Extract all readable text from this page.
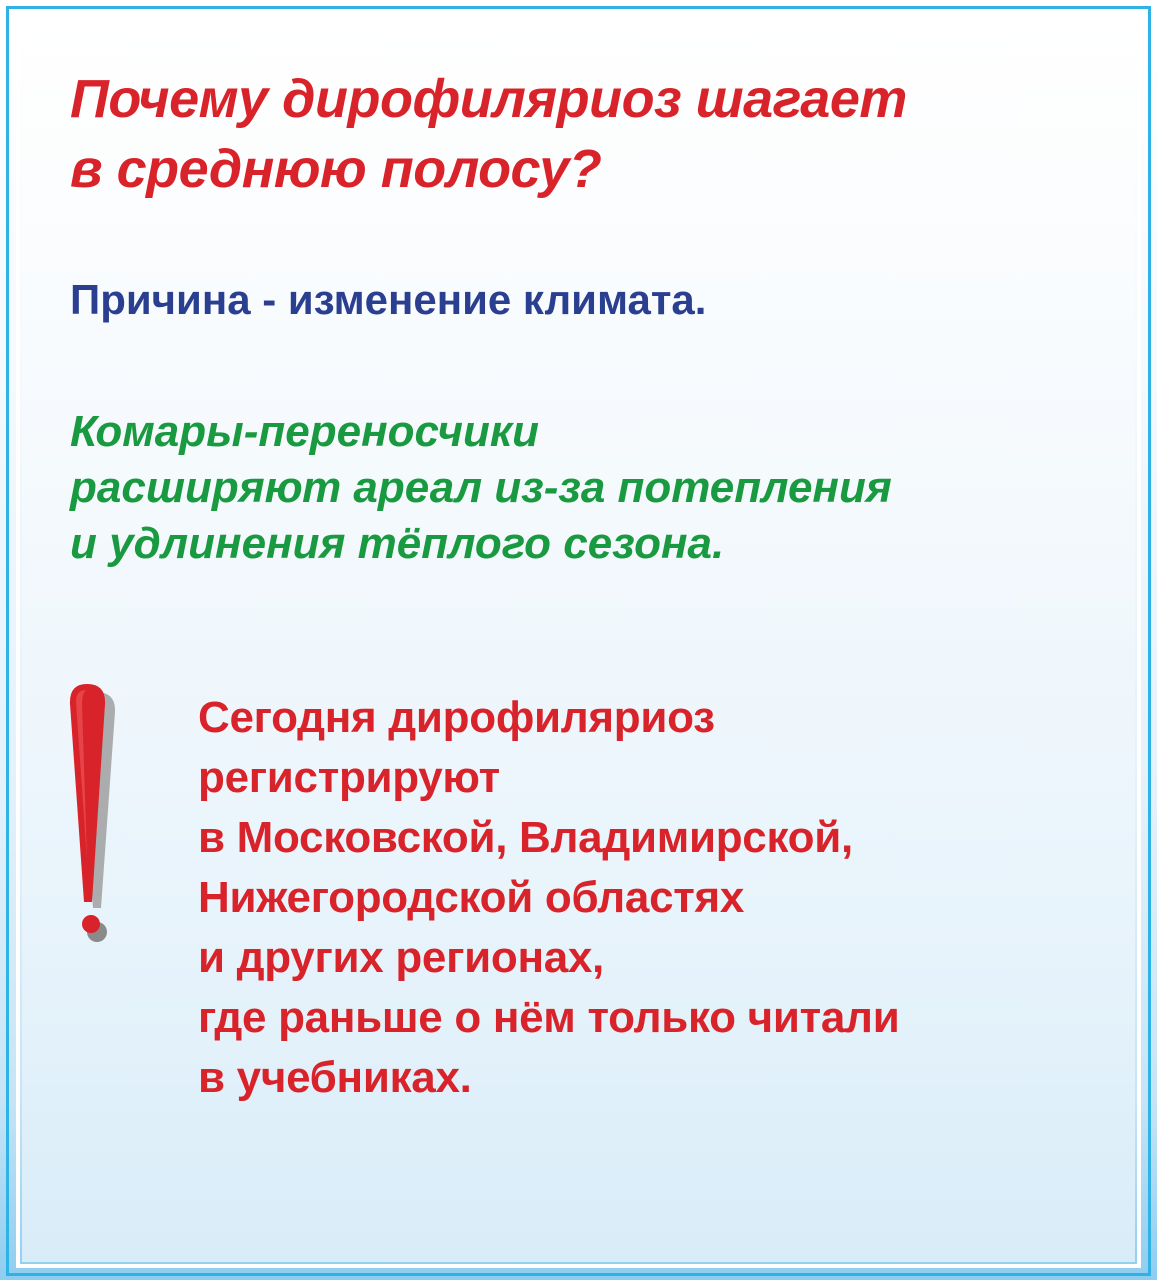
Почему дирофиляриоз шагает
в среднюю полосу?

Причина - изменение климата.

Комары-переносчики
расширяют ареал из-за потепления
и удлинения тёплого сезона.

Сегодня дирофиляриоз
регистрируют
в Московской, Владимирской,
Нижегородской областях
и других регионах,
где раньше о нём только читали
в учебниках.
